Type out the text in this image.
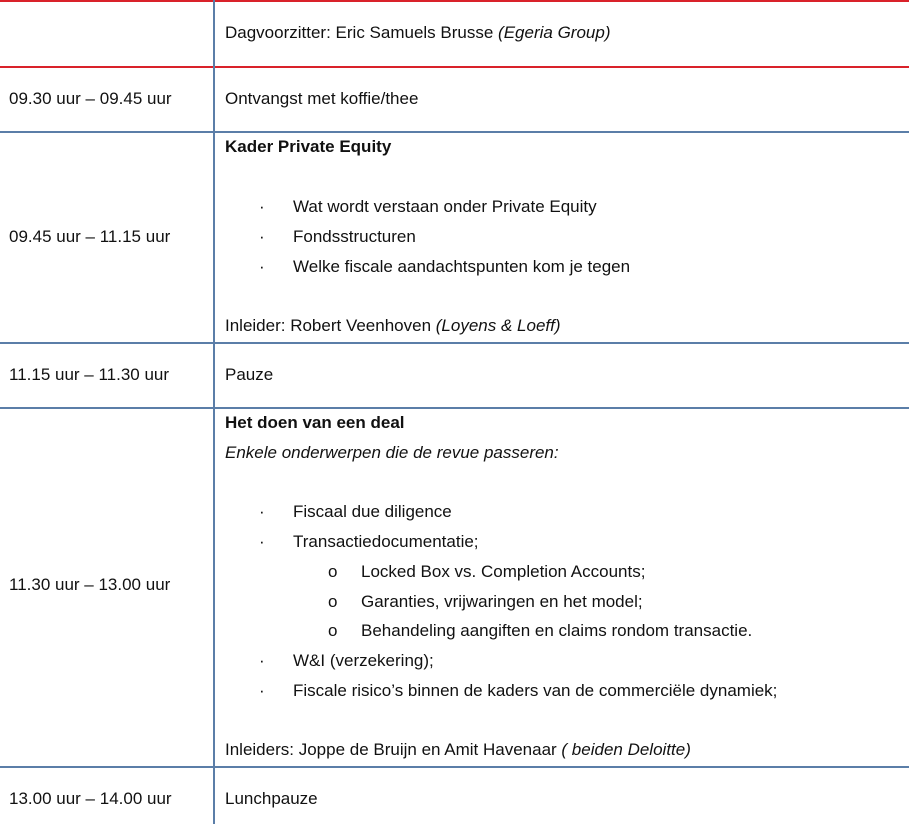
Dagvoorzitter: Eric Samuels Brusse (Egeria Group)
09.30 uur – 09.45 uur	Ontvangst met koffie/thee
09.45 uur – 11.15 uur
Kader Private Equity
· Wat wordt verstaan onder Private Equity
· Fondsstructuren
· Welke fiscale aandachtspunten kom je tegen
Inleider: Robert Veenhoven (Loyens & Loeff)
11.15 uur – 11.30 uur	Pauze
11.30 uur – 13.00 uur
Het doen van een deal
Enkele onderwerpen die de revue passeren:
· Fiscaal due diligence
· Transactiedocumentatie;
o Locked Box vs. Completion Accounts;
o Garanties, vrijwaringen en het model;
o Behandeling aangiften en claims rondom transactie.
· W&I (verzekering);
· Fiscale risico’s binnen de kaders van de commerciële dynamiek;
Inleiders: Joppe de Bruijn en Amit Havenaar ( beiden Deloitte)
13.00 uur – 14.00 uur	Lunchpauze
